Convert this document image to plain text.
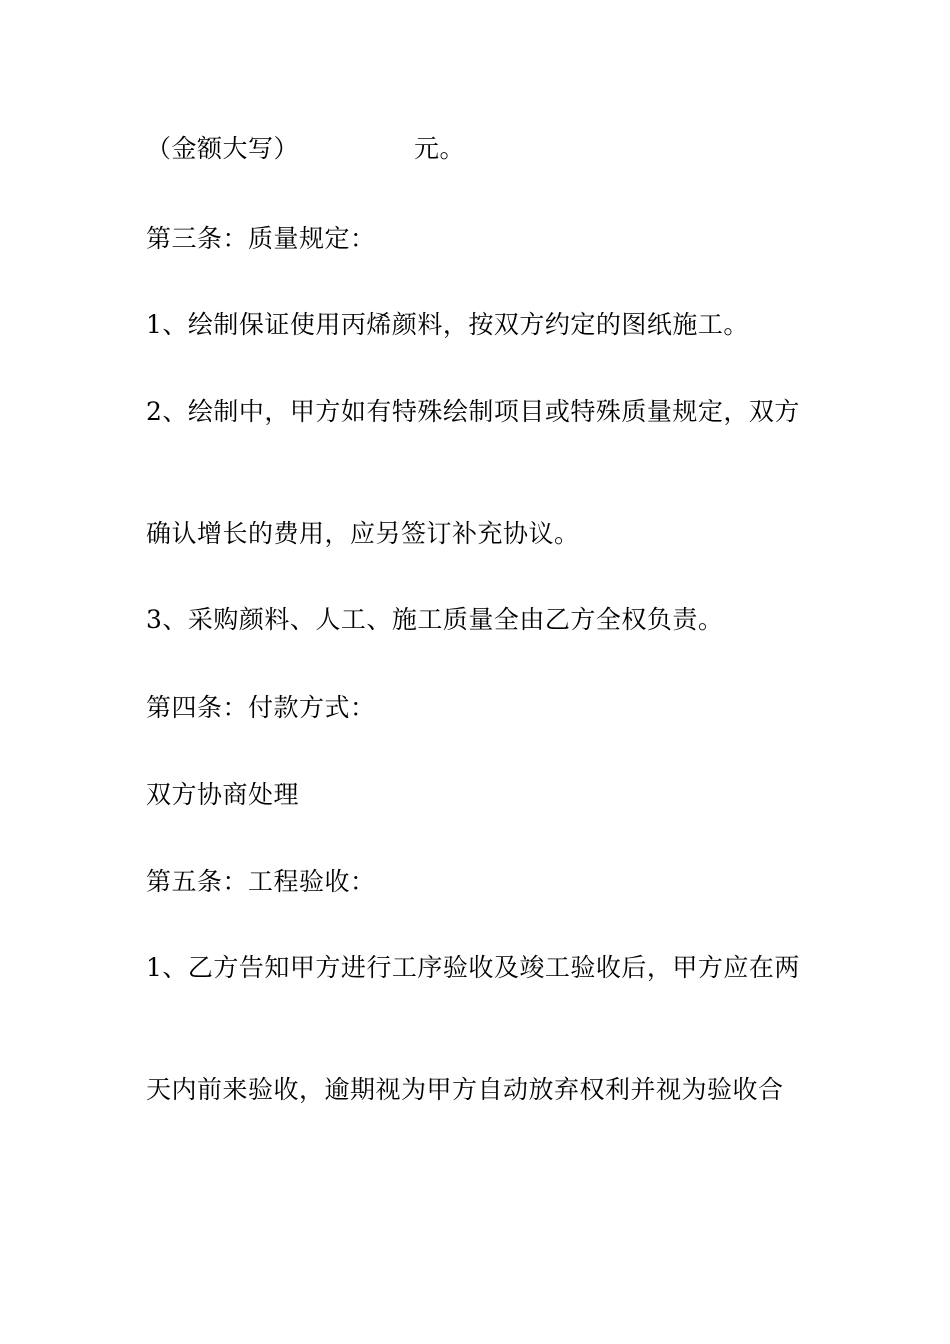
（金额大写）	元。
第三条：质量规定：
1、绘制保证使用丙烯颜料，按双方约定的图纸施工。
2、绘制中，甲方如有特殊绘制项目或特殊质量规定，双方
确认增长的费用，应另签订补充协议。
3、采购颜料、人工、施工质量全由乙方全权负责。
第四条：付款方式：
双方协商处理
第五条：工程验收：
1、乙方告知甲方进行工序验收及竣工验收后，甲方应在两
天内前来验收，逾期视为甲方自动放弃权利并视为验收合
